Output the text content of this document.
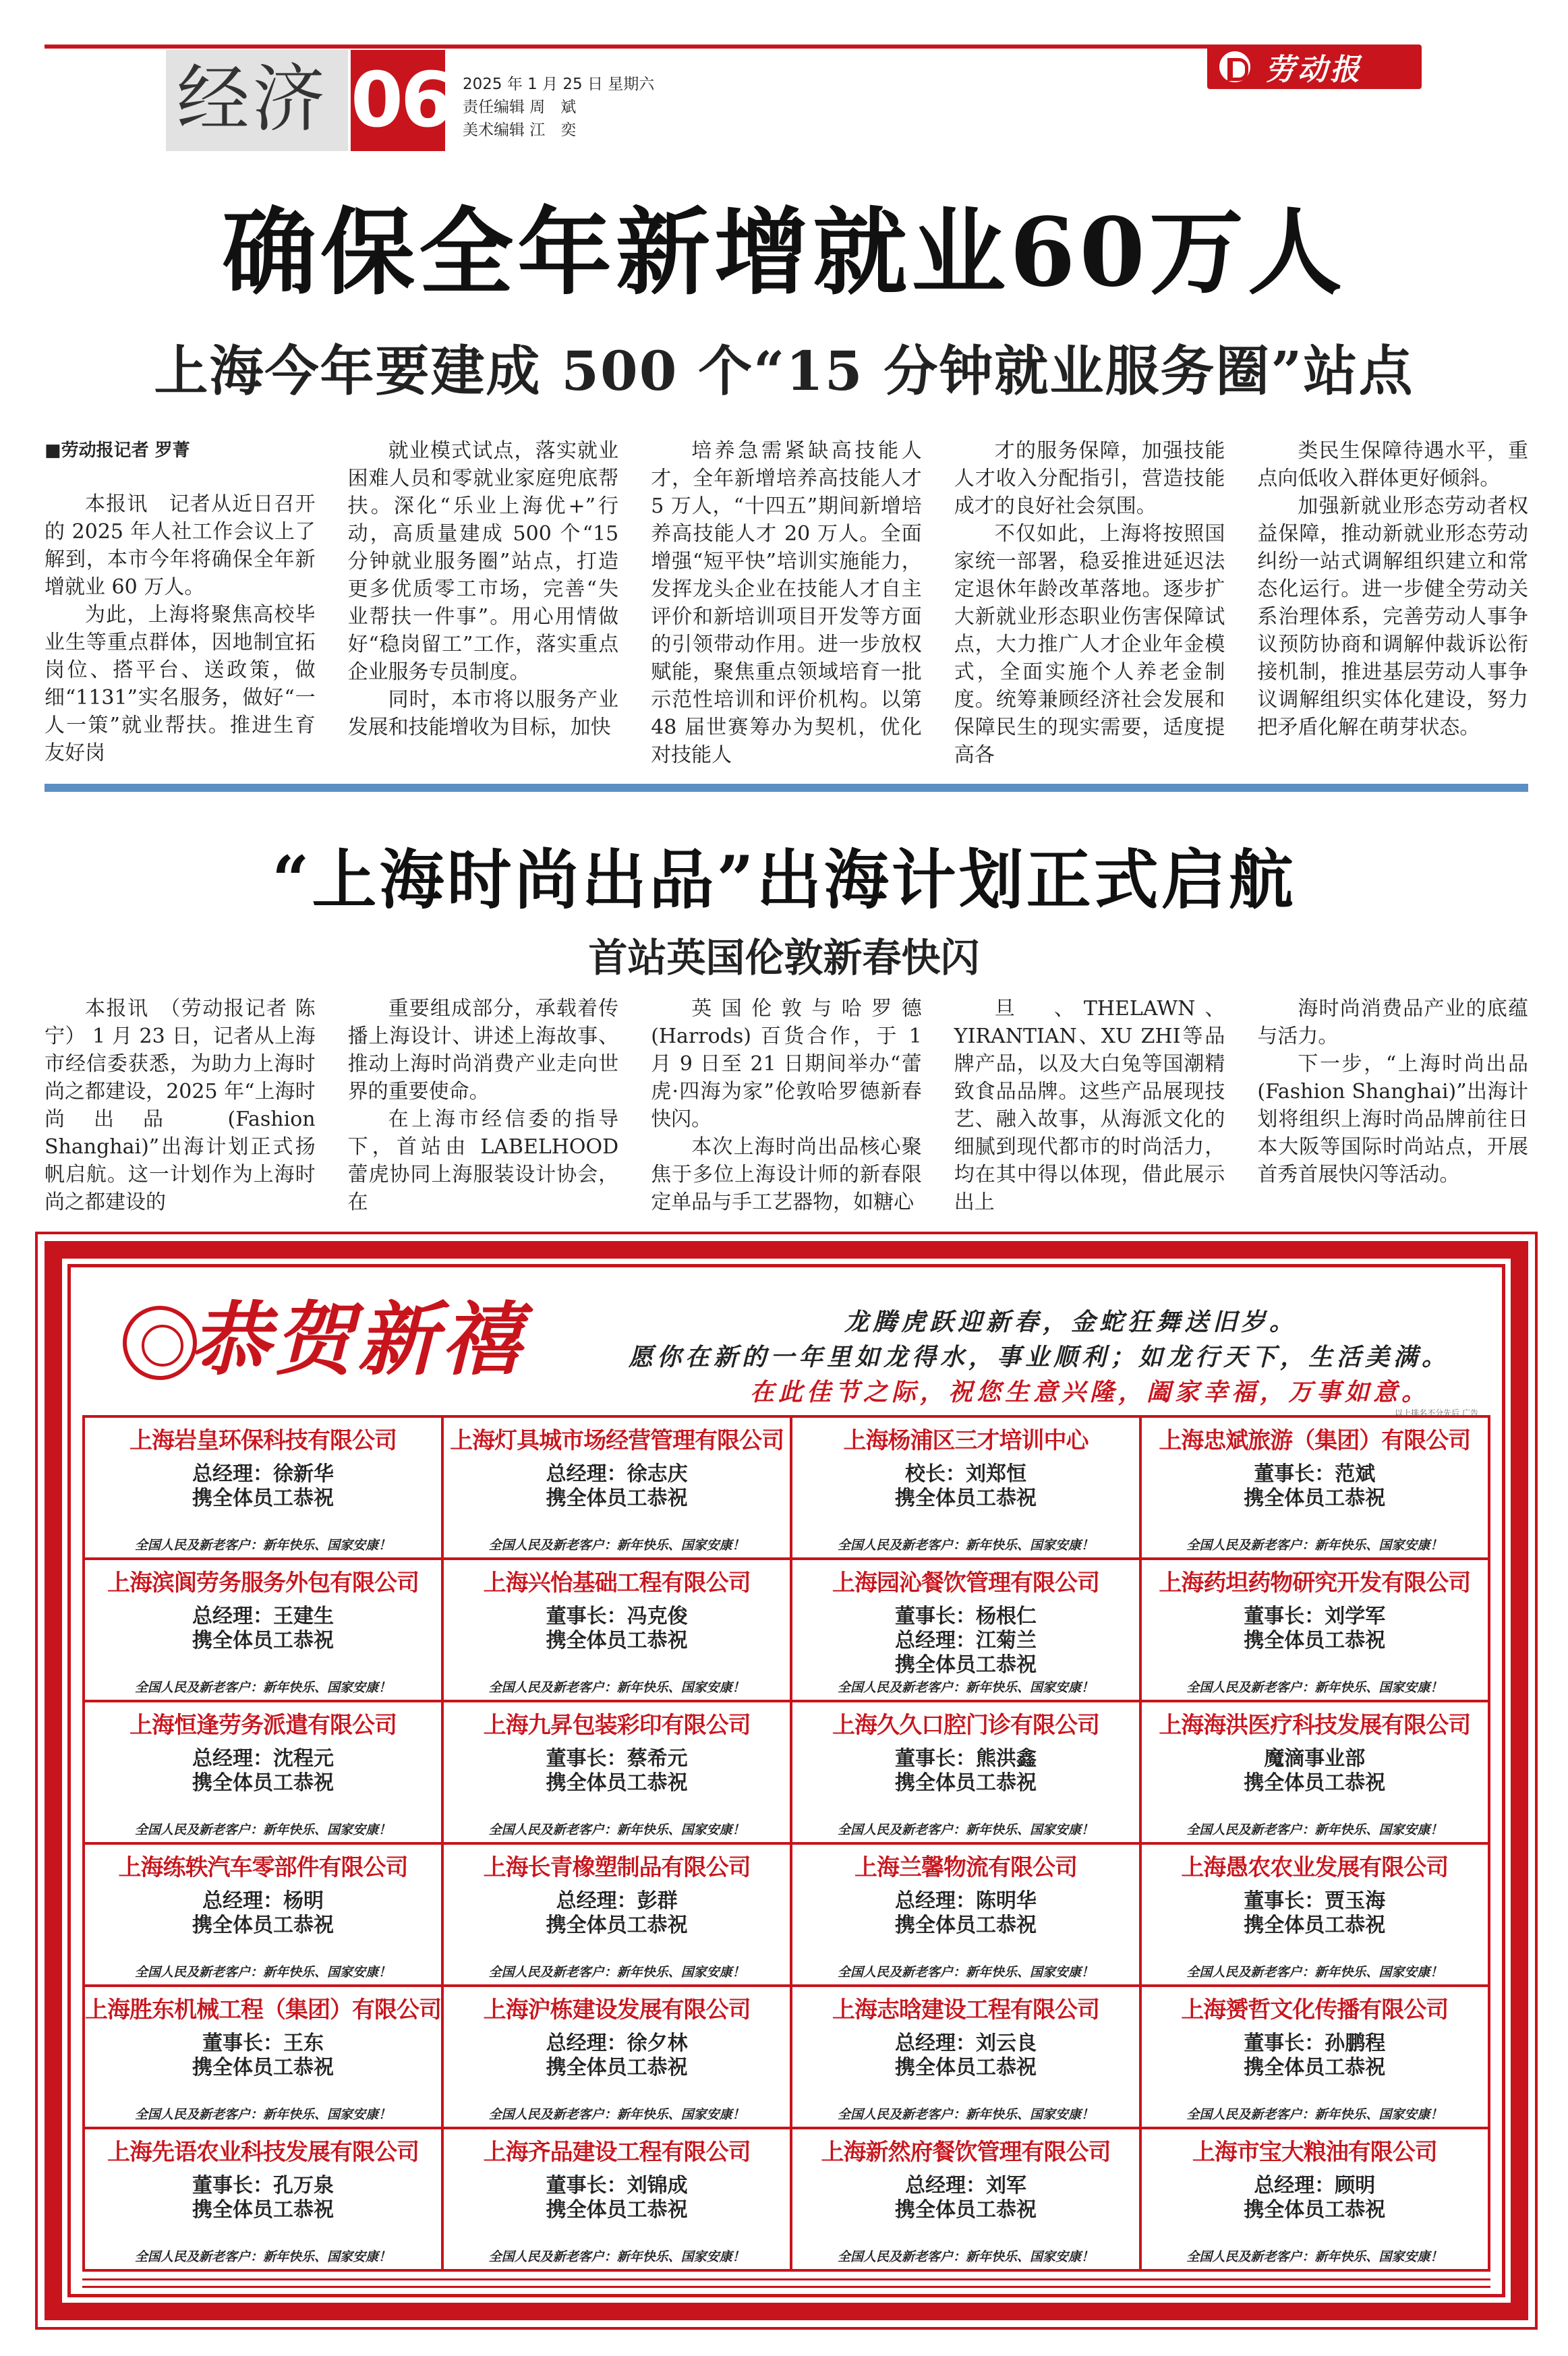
经济 06 2025 年 1 月 25 日 星期六
责任编辑 周　斌
美术编辑 江　奕
劳动报
确保全年新增就业60万人
上海今年要建成 500 个“15 分钟就业服务圈”站点

■劳动报记者 罗菁

本报讯　记者从近日召开的 2025 年人社工作会议上了解到，本市今年将确保全年新增就业 60 万人。

为此，上海将聚焦高校毕业生等重点群体，因地制宜拓岗位、搭平台、送政策，做细“1131”实名服务，做好“一人一策”就业帮扶。推进生育友好岗

就业模式试点，落实就业困难人员和零就业家庭兜底帮扶。深化“乐业上海优+”行动，高质量建成 500 个“15 分钟就业服务圈”站点，打造更多优质零工市场，完善“失业帮扶一件事”。用心用情做好“稳岗留工”工作，落实重点企业服务专员制度。

同时，本市将以服务产业发展和技能增收为目标，加快

培养急需紧缺高技能人才，全年新增培养高技能人才 5 万人，“十四五”期间新增培养高技能人才 20 万人。全面增强“短平快”培训实施能力，发挥龙头企业在技能人才自主评价和新培训项目开发等方面的引领带动作用。进一步放权赋能，聚焦重点领域培育一批示范性培训和评价机构。以第 48 届世赛筹办为契机，优化对技能人

才的服务保障，加强技能人才收入分配指引，营造技能成才的良好社会氛围。

不仅如此，上海将按照国家统一部署，稳妥推进延迟法定退休年龄改革落地。逐步扩大新就业形态职业伤害保障试点，大力推广人才企业年金模式，全面实施个人养老金制度。统筹兼顾经济社会发展和保障民生的现实需要，适度提高各

类民生保障待遇水平，重点向低收入群体更好倾斜。

加强新就业形态劳动者权益保障，推动新就业形态劳动纠纷一站式调解组织建立和常态化运行。进一步健全劳动关系治理体系，完善劳动人事争议预防协商和调解仲裁诉讼衔接机制，推进基层劳动人事争议调解组织实体化建设，努力把矛盾化解在萌芽状态。

“上海时尚出品”出海计划正式启航
首站英国伦敦新春快闪

本报讯　（劳动报记者 陈宁） 1 月 23 日，记者从上海市经信委获悉，为助力上海时尚之都建设，2025 年“上海时尚出品 (Fashion Shanghai)”出海计划正式扬帆启航。这一计划作为上海时尚之都建设的

重要组成部分，承载着传播上海设计、讲述上海故事、推动上海时尚消费产业走向世界的重要使命。

在上海市经信委的指导下，首站由 LABELHOOD 蕾虎协同上海服装设计协会，在

英国伦敦与哈罗德 (Harrods) 百货合作，于 1 月 9 日至 21 日期间举办“蕾虎·四海为家”伦敦哈罗德新春快闪。

本次上海时尚出品核心聚焦于多位上海设计师的新春限定单品与手工艺器物，如糖心

旦　、THELAWN、YIRANTIAN、XU ZHI等品牌产品，以及大白兔等国潮精致食品品牌。这些产品展现技艺、融入故事，从海派文化的细腻到现代都市的时尚活力，均在其中得以体现，借此展示出上

海时尚消费品产业的底蕴与活力。

下一步，“上海时尚出品(Fashion Shanghai)”出海计划将组织上海时尚品牌前往日本大阪等国际时尚站点，开展首秀首展快闪等活动。

恭贺新禧	龙腾虎跃迎新春，金蛇狂舞送旧岁。
愿你在新的一年里如龙得水，事业顺利；如龙行天下，生活美满。
在此佳节之际，祝您生意兴隆，阖家幸福，万事如意。
以上排名不分先后 广告
上海岩皇环保科技有限公司
总经理：徐新华
携全体员工恭祝
全国人民及新老客户：新年快乐、国家安康！
上海灯具城市场经营管理有限公司
总经理：徐志庆
携全体员工恭祝
全国人民及新老客户：新年快乐、国家安康！
上海杨浦区三才培训中心
校长：刘郑恒
携全体员工恭祝
全国人民及新老客户：新年快乐、国家安康！
上海忠斌旅游（集团）有限公司
董事长：范斌
携全体员工恭祝
全国人民及新老客户：新年快乐、国家安康！
上海滨阆劳务服务外包有限公司
总经理：王建生
携全体员工恭祝
全国人民及新老客户：新年快乐、国家安康！
上海兴怡基础工程有限公司
董事长：冯克俊
携全体员工恭祝
全国人民及新老客户：新年快乐、国家安康！
上海园沁餐饮管理有限公司
董事长：杨根仁
总经理：江菊兰
携全体员工恭祝
全国人民及新老客户：新年快乐、国家安康！
上海药坦药物研究开发有限公司
董事长：刘学军
携全体员工恭祝
全国人民及新老客户：新年快乐、国家安康！
上海恒逢劳务派遣有限公司
总经理：沈程元
携全体员工恭祝
全国人民及新老客户：新年快乐、国家安康！
上海九昇包装彩印有限公司
董事长：蔡希元
携全体员工恭祝
全国人民及新老客户：新年快乐、国家安康！
上海久久口腔门诊有限公司
董事长：熊洪鑫
携全体员工恭祝
全国人民及新老客户：新年快乐、国家安康！
上海海洪医疗科技发展有限公司
魔滴事业部
携全体员工恭祝
全国人民及新老客户：新年快乐、国家安康！
上海练轶汽车零部件有限公司
总经理：杨明
携全体员工恭祝
全国人民及新老客户：新年快乐、国家安康！
上海长青橡塑制品有限公司
总经理：彭群
携全体员工恭祝
全国人民及新老客户：新年快乐、国家安康！
上海兰馨物流有限公司
总经理：陈明华
携全体员工恭祝
全国人民及新老客户：新年快乐、国家安康！
上海愚农农业发展有限公司
董事长：贾玉海
携全体员工恭祝
全国人民及新老客户：新年快乐、国家安康！
上海胜东机械工程（集团）有限公司
董事长：王东
携全体员工恭祝
全国人民及新老客户：新年快乐、国家安康！
上海沪栋建设发展有限公司
总经理：徐夕林
携全体员工恭祝
全国人民及新老客户：新年快乐、国家安康！
上海志晗建设工程有限公司
总经理：刘云良
携全体员工恭祝
全国人民及新老客户：新年快乐、国家安康！
上海赟哲文化传播有限公司
董事长：孙鹏程
携全体员工恭祝
全国人民及新老客户：新年快乐、国家安康！
上海先语农业科技发展有限公司
董事长：孔万泉
携全体员工恭祝
全国人民及新老客户：新年快乐、国家安康！
上海齐品建设工程有限公司
董事长：刘锦成
携全体员工恭祝
全国人民及新老客户：新年快乐、国家安康！
上海新然府餐饮管理有限公司
总经理：刘军
携全体员工恭祝
全国人民及新老客户：新年快乐、国家安康！
上海市宝大粮油有限公司
总经理：顾明
携全体员工恭祝
全国人民及新老客户：新年快乐、国家安康！
